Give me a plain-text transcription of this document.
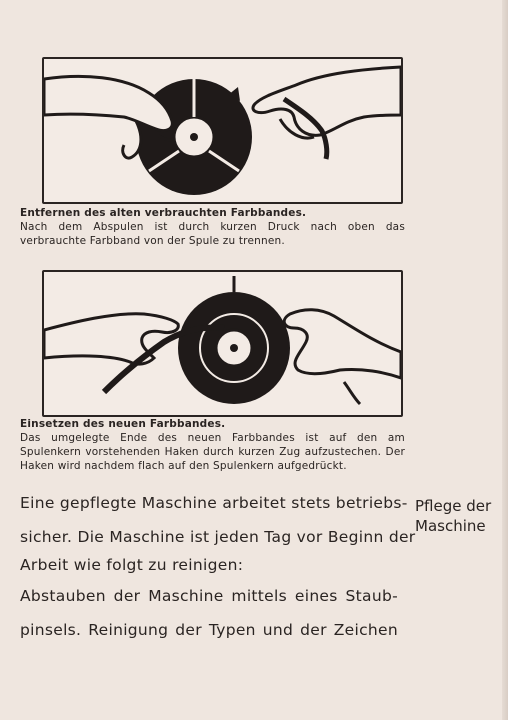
Entfernen des alten verbrauchten Farbbandes.
Nach dem Abspulen ist durch kurzen Druck nach oben das verbrauchte Farbband von der Spule zu trennen.
Einsetzen des neuen Farbbandes.
Das umgelegte Ende des neuen Farbbandes ist auf den am Spulenkern vorstehenden Haken durch kurzen Zug aufzustechen. Der Haken wird nachdem flach auf den Spulenkern aufgedrückt.
Eine gepflegte Maschine arbeitet stets betriebs-
sicher. Die Maschine ist jeden Tag vor Beginn der
Arbeit wie folgt zu reinigen:
Abstauben der Maschine mittels eines Staub-
pinsels. Reinigung der Typen und der Zeichen
Pflege der
Maschine
